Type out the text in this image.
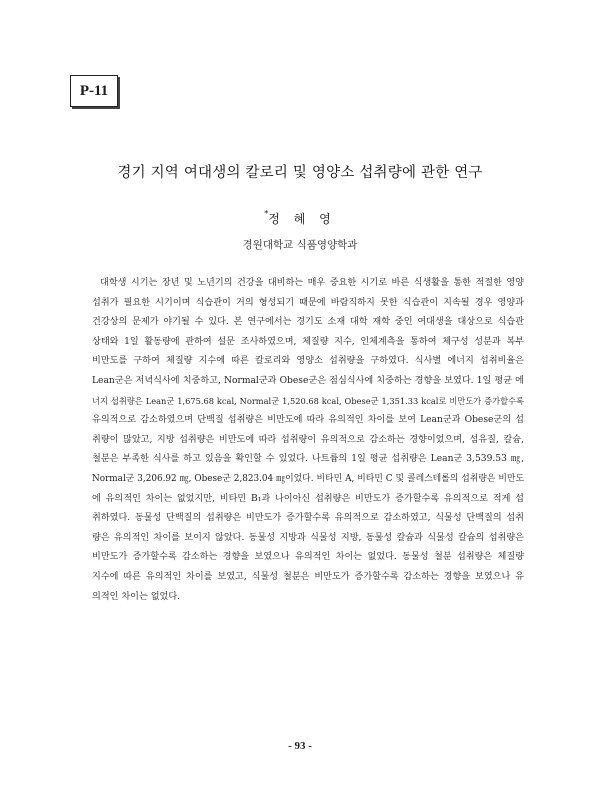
P-11
경기 지역 여대생의 칼로리 및 영양소 섭취량에 관한 연구
*정 혜 영
경원대학교 식품영양학과
대학생 시기는 장년 및 노년기의 건강을 대비하는 매우 중요한 시기로 바른 식생활을 통한 적절한 영양
섭취가 필요한 시기이며 식습관이 거의 형성되기 때문에 바람직하지 못한 식습관이 지속될 경우 영양과
건강상의 문제가 야기될 수 있다. 본 연구에서는 경기도 소재 대학 재학 중인 여대생을 대상으로 식습관
상태와 1일 활동량에 관하여 설문 조사하였으며, 체질량 지수, 인체계측을 통하여 체구성 성분과 복부
비만도를 구하여 체질량 지수에 따른 칼로리와 영양소 섭취량을 구하였다. 식사별 에너지 섭취비율은
Lean군은 저녁식사에 치중하고, Normal군과 Obese군은 점심식사에 치중하는 경향을 보였다. 1일 평균 에
너지 섭취량은 Lean군 1,675.68 kcal, Normal군 1,520.68 kcal, Obese군 1,351.33 kcal로 비만도가 증가할수록
유의적으로 감소하였으며 단백질 섭취량은 비만도에 따라 유의적인 차이를 보여 Lean군과 Obese군의 섭
취량이 많았고, 지방 섭취량은 비만도에 따라 섭취량이 유의적으로 감소하는 경향이었으며, 섬유질, 칼슘,
철분은 부족한 식사를 하고 있음을 확인할 수 있었다. 나트륨의 1일 평균 섭취량은 Lean군 3,539.53 ㎎,
Normal군 3,206.92 ㎎, Obese군 2,823.04 ㎎이었다. 비타민 A, 비타민 C 및 콜레스테롤의 섭취량은 비만도
에 유의적인 차이는 없었지만, 비타민 B₁과 나이아신 섭취량은 비만도가 증가할수록 유의적으로 적게 섭
취하였다. 동물성 단백질의 섭취량은 비만도가 증가할수록 유의적으로 감소하였고, 식물성 단백질의 섭취
량은 유의적인 차이를 보이지 않았다. 동물성 지방과 식물성 지방, 동물성 칼슘과 식물성 칼슘의 섭취량은
비만도가 증가할수록 감소하는 경향을 보였으나 유의적인 차이는 없었다. 동물성 철분 섭취량은 체질량
지수에 따른 유의적인 차이를 보였고, 식물성 철분은 비만도가 증가할수록 감소하는 경향을 보였으나 유
의적인 차이는 없었다.
- 93 -
